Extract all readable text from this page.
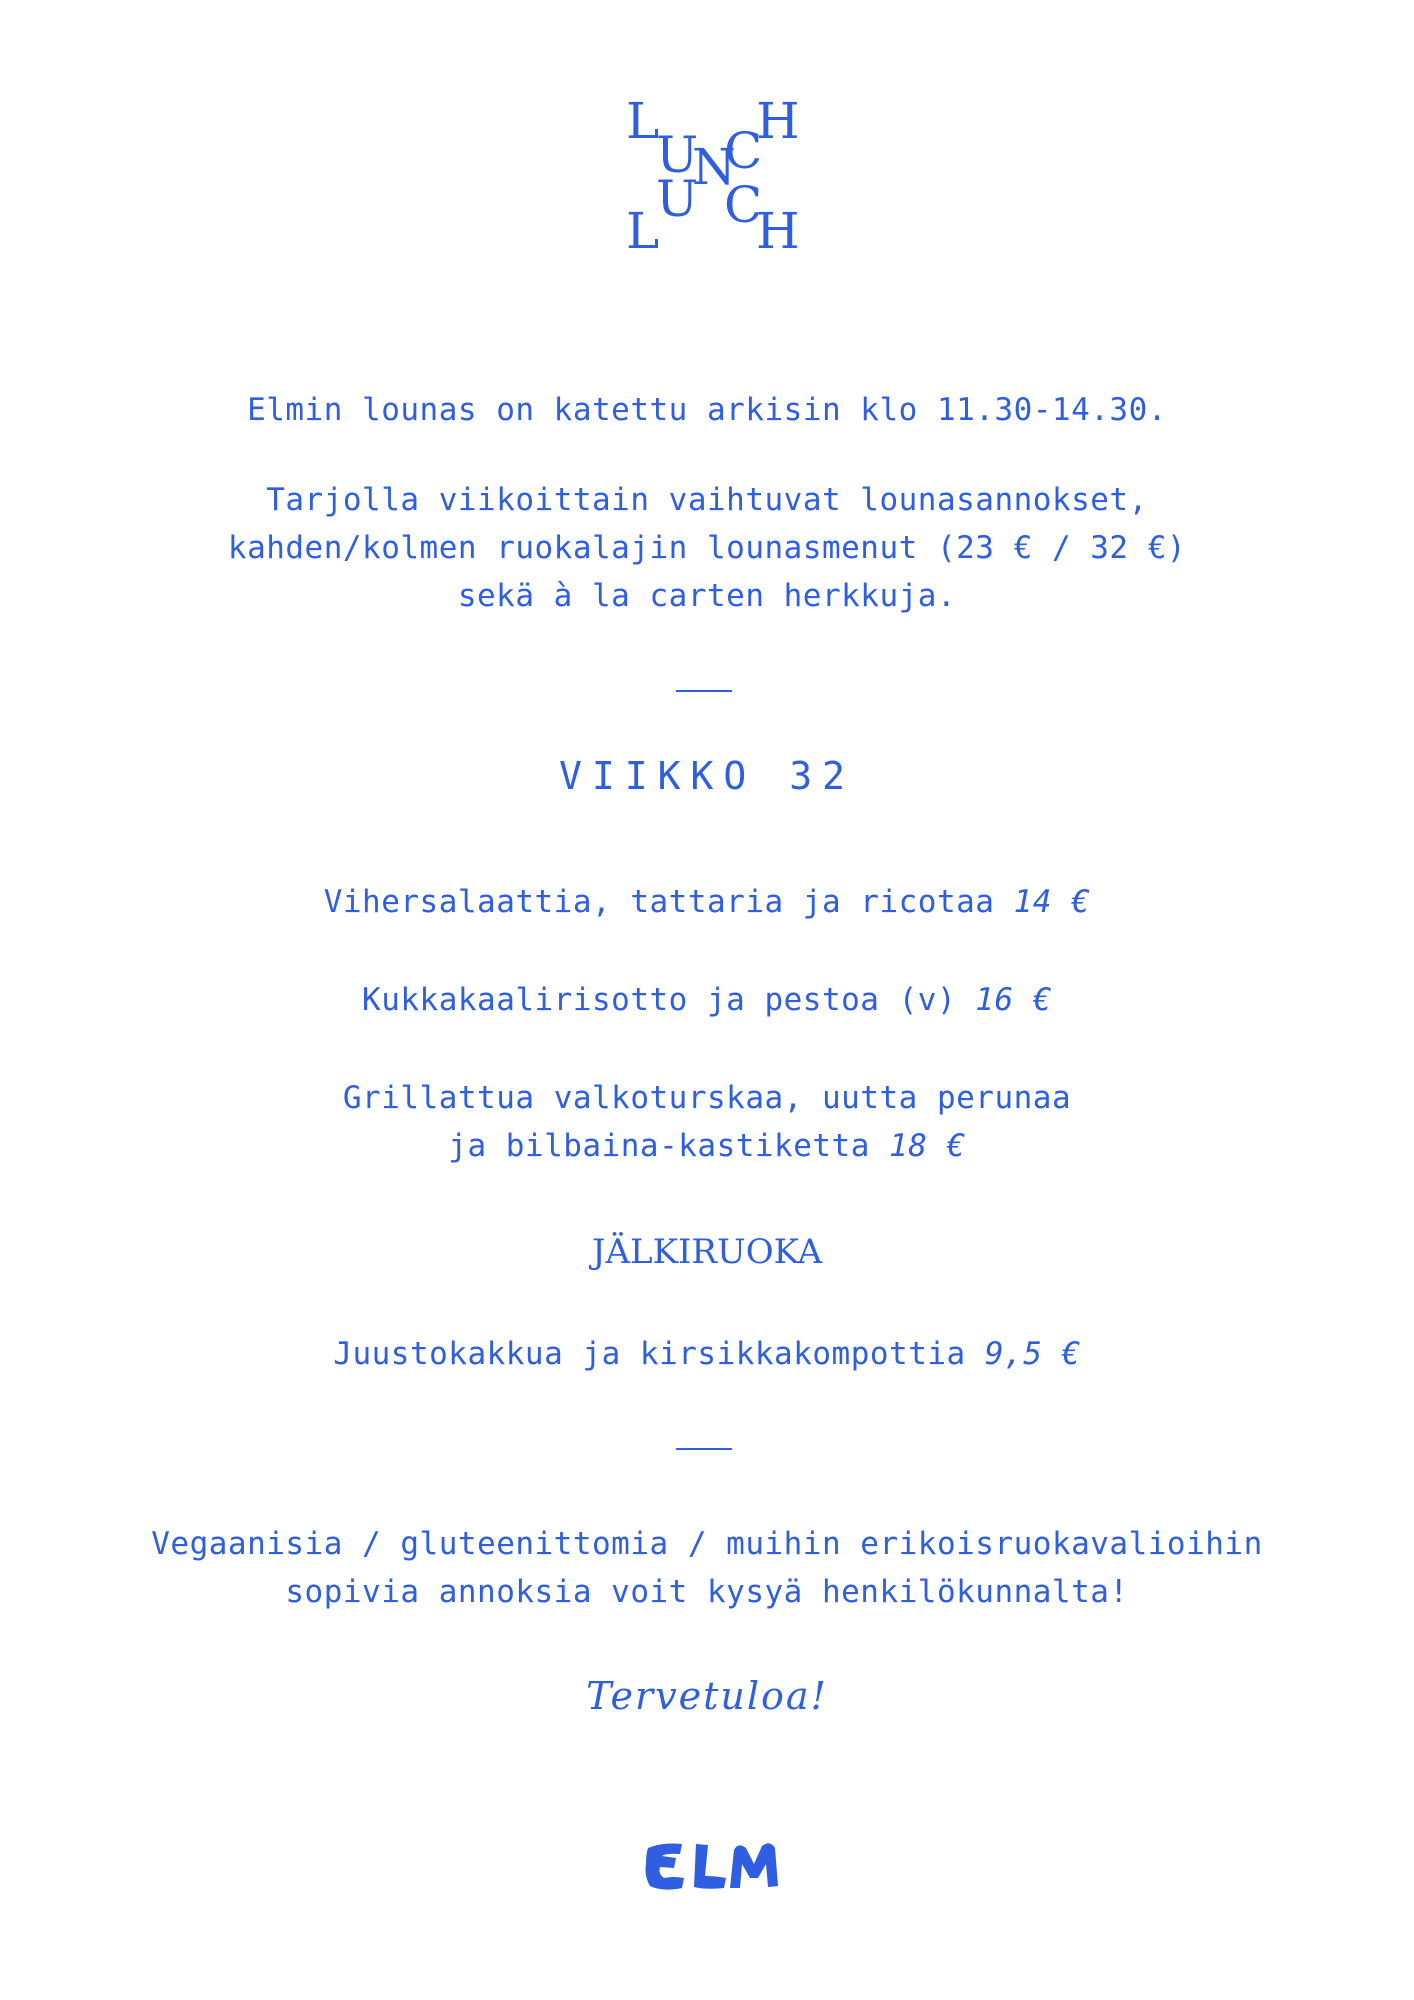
L
U
N
C
H
L
U C
H
Elmin lounas on katettu arkisin klo 11.30-14.30.
Tarjolla viikoittain vaihtuvat lounasannokset,
kahden/kolmen ruokalajin lounasmenut (23 € / 32 €)
sekä à la carten herkkuja.
VIIKKO 32
Vihersalaattia, tattaria ja ricotaa 14 €
Kukkakaalirisotto ja pestoa (v) 16 €
Grillattua valkoturskaa, uutta perunaa
ja bilbaina-kastiketta 18 €
JÄLKIRUOKA
Juustokakkua ja kirsikkakompottia 9,5 €
Vegaanisia / gluteenittomia / muihin erikoisruokavalioihin
sopivia annoksia voit kysyä henkilökunnalta!
Tervetuloa!
